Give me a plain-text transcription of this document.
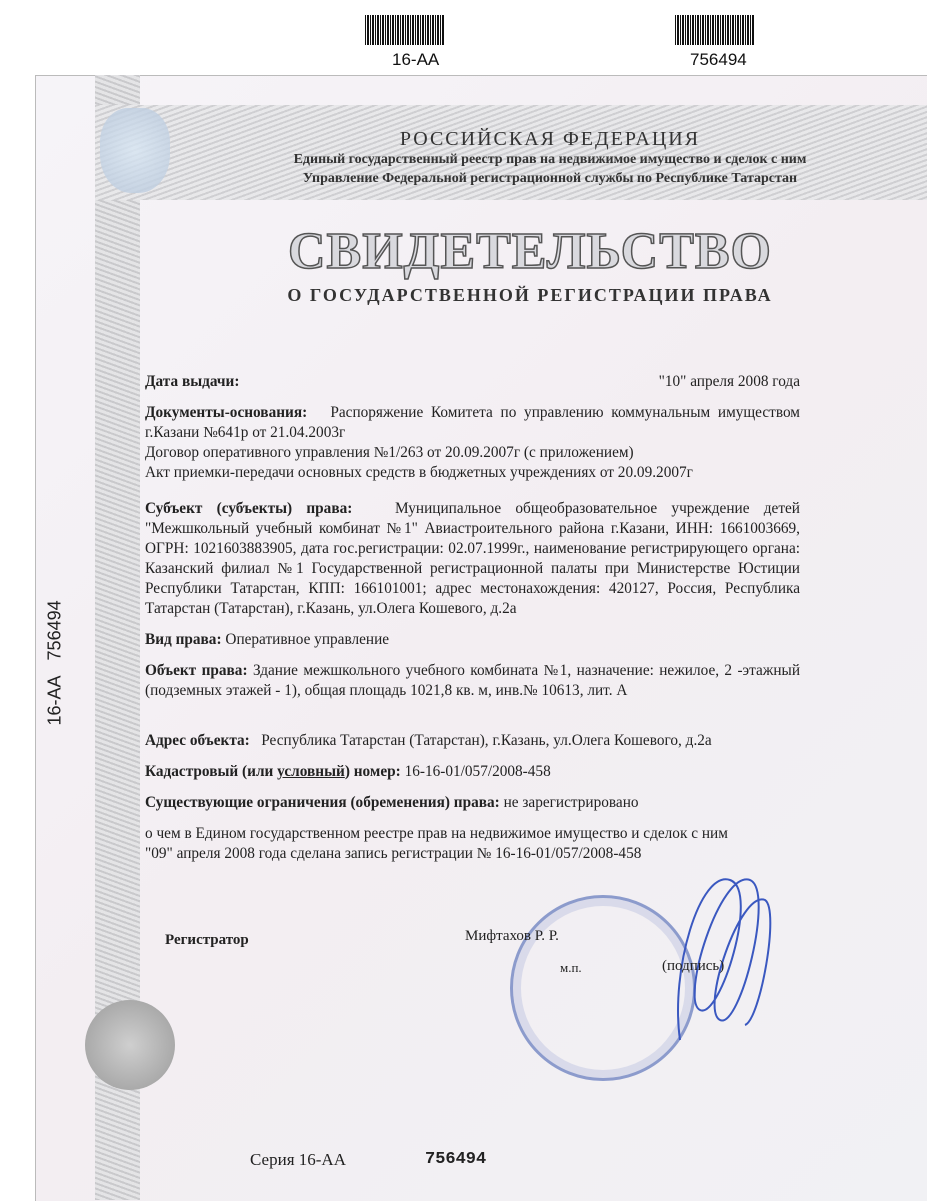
16-AA	756494
16-AA   756494
РОССИЙСКАЯ ФЕДЕРАЦИЯ
Единый государственный реестр прав на недвижимое имущество и сделок с ним
Управление Федеральной регистрационной службы по Республике Татарстан
СВИДЕТЕЛЬСТВО
О ГОСУДАРСТВЕННОЙ РЕГИСТРАЦИИ ПРАВА

Дата выдачи:	"10" апреля 2008 года

Документы-основания: Распоряжение Комитета по управлению коммунальным имуществом г.Казани №641р от 21.04.2003г

Договор оперативного управления №1/263 от 20.09.2007г (с приложением)

Акт приемки-передачи основных средств в бюджетных учреждениях от 20.09.2007г

Субъект (субъекты) права:	Муниципальное общеобразовательное учреждение детей "Межшкольный учебный комбинат №1" Авиастроительного района г.Казани, ИНН: 1661003669, ОГРН: 1021603883905, дата гос.регистрации: 02.07.1999г., наименование регистрирующего органа: Казанский филиал №1 Государственной регистрационной палаты при Министерстве Юстиции Республики Татарстан, КПП: 166101001; адрес местонахождения: 420127, Россия, Республика Татарстан (Татарстан), г.Казань, ул.Олега Кошевого, д.2а

Вид права: Оперативное управление

Объект права: Здание межшкольного учебного комбината №1, назначение: нежилое, 2 -этажный (подземных этажей - 1), общая площадь 1021,8 кв. м, инв.№ 10613, лит. А

Адрес объекта: Республика Татарстан (Татарстан), г.Казань, ул.Олега Кошевого, д.2а

Кадастровый (или условный) номер: 16-16-01/057/2008-458

Существующие ограничения (обременения) права: не зарегистрировано

о чем в Едином государственном реестре прав на недвижимое имущество и сделок с ним
"09" апреля 2008 года сделана запись регистрации № 16-16-01/057/2008-458
Регистратор	Мифтахов Р. Р.
м.п.	(подпись)
Серия 16-АА	756494
